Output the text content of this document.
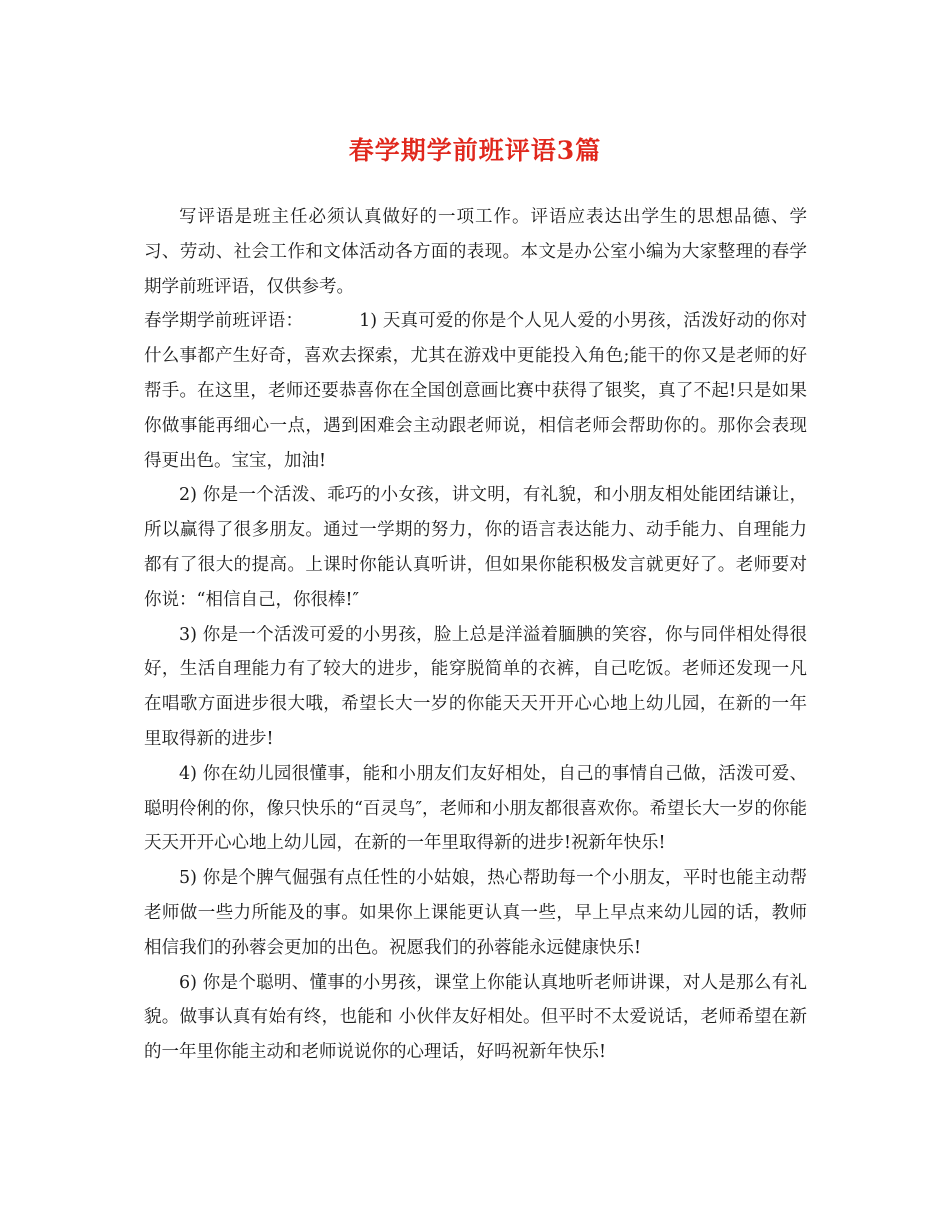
春学期学前班评语3篇

写评语是班主任必须认真做好的一项工作。评语应表达出学生的思想品德、学习、劳动、社会工作和文体活动各方面的表现。本文是办公室小编为大家整理的春学期学前班评语，仅供参考。

春学期学前班评语：	1) 天真可爱的你是个人见人爱的小男孩，活泼好动的你对什么事都产生好奇，喜欢去探索，尤其在游戏中更能投入角色;能干的你又是老师的好帮手。在这里，老师还要恭喜你在全国创意画比赛中获得了银奖，真了不起!只是如果你做事能再细心一点，遇到困难会主动跟老师说，相信老师会帮助你的。那你会表现得更出色。宝宝，加油!

2) 你是一个活泼、乖巧的小女孩，讲文明，有礼貌，和小朋友相处能团结谦让，所以赢得了很多朋友。通过一学期的努力，你的语言表达能力、动手能力、自理能力都有了很大的提高。上课时你能认真听讲，但如果你能积极发言就更好了。老师要对你说：“相信自己，你很棒!″

3) 你是一个活泼可爱的小男孩，脸上总是洋溢着腼腆的笑容，你与同伴相处得很好，生活自理能力有了较大的进步，能穿脱简单的衣裤，自己吃饭。老师还发现一凡在唱歌方面进步很大哦，希望长大一岁的你能天天开开心心地上幼儿园，在新的一年里取得新的进步!

4) 你在幼儿园很懂事，能和小朋友们友好相处，自己的事情自己做，活泼可爱、聪明伶俐的你，像只快乐的“百灵鸟″，老师和小朋友都很喜欢你。希望长大一岁的你能天天开开心心地上幼儿园，在新的一年里取得新的进步!祝新年快乐!

5) 你是个脾气倔强有点任性的小姑娘，热心帮助每一个小朋友，平时也能主动帮老师做一些力所能及的事。如果你上课能更认真一些，早上早点来幼儿园的话，教师相信我们的孙蓉会更加的出色。祝愿我们的孙蓉能永远健康快乐!

6) 你是个聪明、懂事的小男孩，课堂上你能认真地听老师讲课，对人是那么有礼貌。做事认真有始有终，也能和 小伙伴友好相处。但平时不太爱说话，老师希望在新的一年里你能主动和老师说说你的心理话，好吗祝新年快乐!
